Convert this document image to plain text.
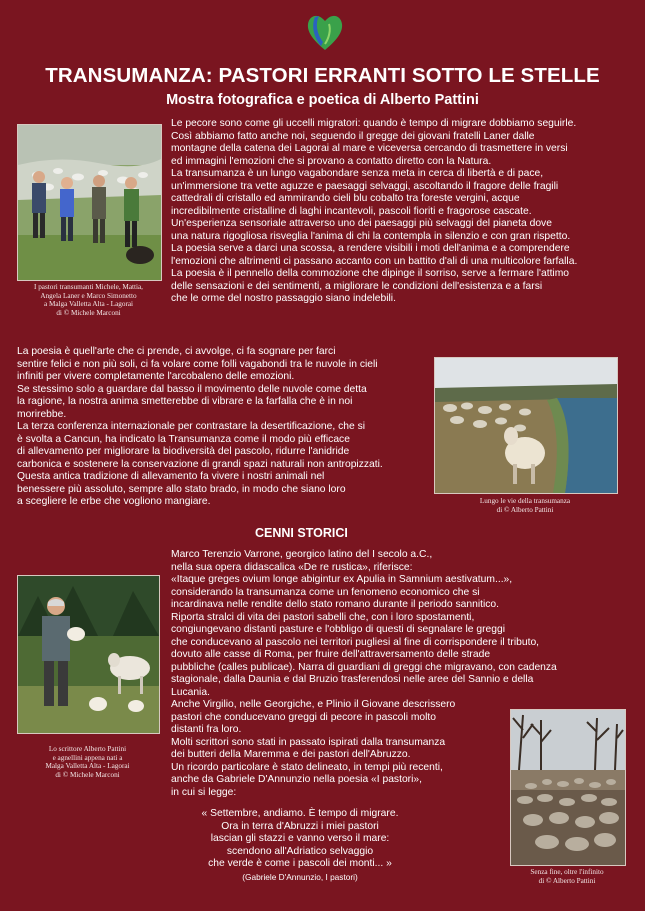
TRANSUMANZA: PASTORI ERRANTI SOTTO LE STELLE
Mostra fotografica e poetica di Alberto Pattini
I pastori transumanti Michele, Mattia,
Angela Laner e Marco Simonetto
a Malga Valletta Alta - Lagorai
di © Michele Marconi
Le pecore sono come gli uccelli migratori: quando è tempo di migrare dobbiamo seguirle.
Così abbiamo fatto anche noi, seguendo il gregge dei giovani fratelli Laner dalle
montagne della catena dei Lagorai al mare e viceversa cercando di trasmettere in versi
ed immagini l'emozioni che si provano a contatto diretto con la Natura.
La transumanza è un lungo vagabondare senza meta in cerca di libertà e di pace,
un'immersione tra vette aguzze e paesaggi selvaggi, ascoltando il fragore delle fragili
cattedrali di cristallo ed ammirando cieli blu cobalto tra foreste vergini, acque
incredibilmente cristalline di laghi incantevoli, pascoli fioriti e fragorose cascate.
Un'esperienza sensoriale attraverso uno dei paesaggi più selvaggi del pianeta dove
una natura rigogliosa risveglia l'anima di chi la contempla in silenzio e con gran rispetto.
La poesia serve a darci una scossa, a rendere visibili i moti dell'anima e a comprendere
l'emozioni che altrimenti ci passano accanto con un battito d'ali di una multicolore farfalla.
La poesia è il pennello della commozione che dipinge il sorriso, serve a fermare l'attimo
delle sensazioni e dei sentimenti, a migliorare le condizioni dell'esistenza e a farsi
che le orme del nostro passaggio siano indelebili.
La poesia è quell'arte che ci prende, ci avvolge, ci fa sognare per farci
sentire felici e non più soli, ci fa volare come folli vagabondi tra le nuvole in cieli
infiniti per vivere completamente l'arcobaleno delle emozioni.
Se stessimo solo a guardare dal basso il movimento delle nuvole come detta
la ragione, la nostra anima smetterebbe di vibrare e la farfalla che è in noi
morirebbe.
La terza conferenza internazionale per contrastare la desertificazione, che si
è svolta a Cancun, ha indicato la Transumanza come il modo più efficace
di allevamento per migliorare la biodiversità del pascolo, ridurre l'anidride
carbonica e sostenere la conservazione di grandi spazi naturali non antropizzati.
Questa antica tradizione di allevamento fa vivere i nostri animali nel
benessere più assoluto, sempre allo stato brado, in modo che siano loro
a scegliere le erbe che vogliono mangiare.	Lungo le vie della transumanza
di © Alberto Pattini
CENNI STORICI
Marco Terenzio Varrone, georgico latino del I secolo a.C.,
nella sua opera didascalica «De re rustica», riferisce:
«Itaque greges ovium longe abigintur ex Apulia in Samnium aestivatum...»,
considerando la transumanza come un fenomeno economico che si
incardinava nelle rendite dello stato romano durante il periodo sannitico.
Riporta stralci di vita dei pastori sabelli che, con i loro spostamenti,
congiungevano distanti pasture e l'obbligo di questi di segnalare le greggi
che conducevano al pascolo nei territori pugliesi al fine di corrispondere il tributo,
dovuto alle casse di Roma, per fruire dell'attraversamento delle strade
pubbliche (calles publicae). Narra di guardiani di greggi che migravano, con cadenza
stagionale, dalla Daunia e dal Bruzio trasferendosi nelle aree del Sannio e della
Lucania.
Anche Virgilio, nelle Georgiche, e Plinio il Giovane descrissero
pastori che conducevano greggi di pecore in pascoli molto
distanti fra loro.
Molti scrittori sono stati in passato ispirati dalla transumanza
dei butteri della Maremma e dei pastori dell'Abruzzo.
Un ricordo particolare è stato delineato, in tempi più recenti,
anche da Gabriele D'Annunzio nella poesia «I pastori»,
in cui si legge:
Lo scrittore Alberto Pattini
e agnellini appena nati a
Malga Valletta Alta - Lagorai
di © Michele Marconi
Senza fine, oltre l'infinito
di © Alberto Pattini
« Settembre, andiamo. È tempo di migrare.
Ora in terra d'Abruzzi i miei pastori
lascian gli stazzi e vanno verso il mare:
scendono all'Adriatico selvaggio
che verde è come i pascoli dei monti... »
(Gabriele D'Annunzio, I pastori)
